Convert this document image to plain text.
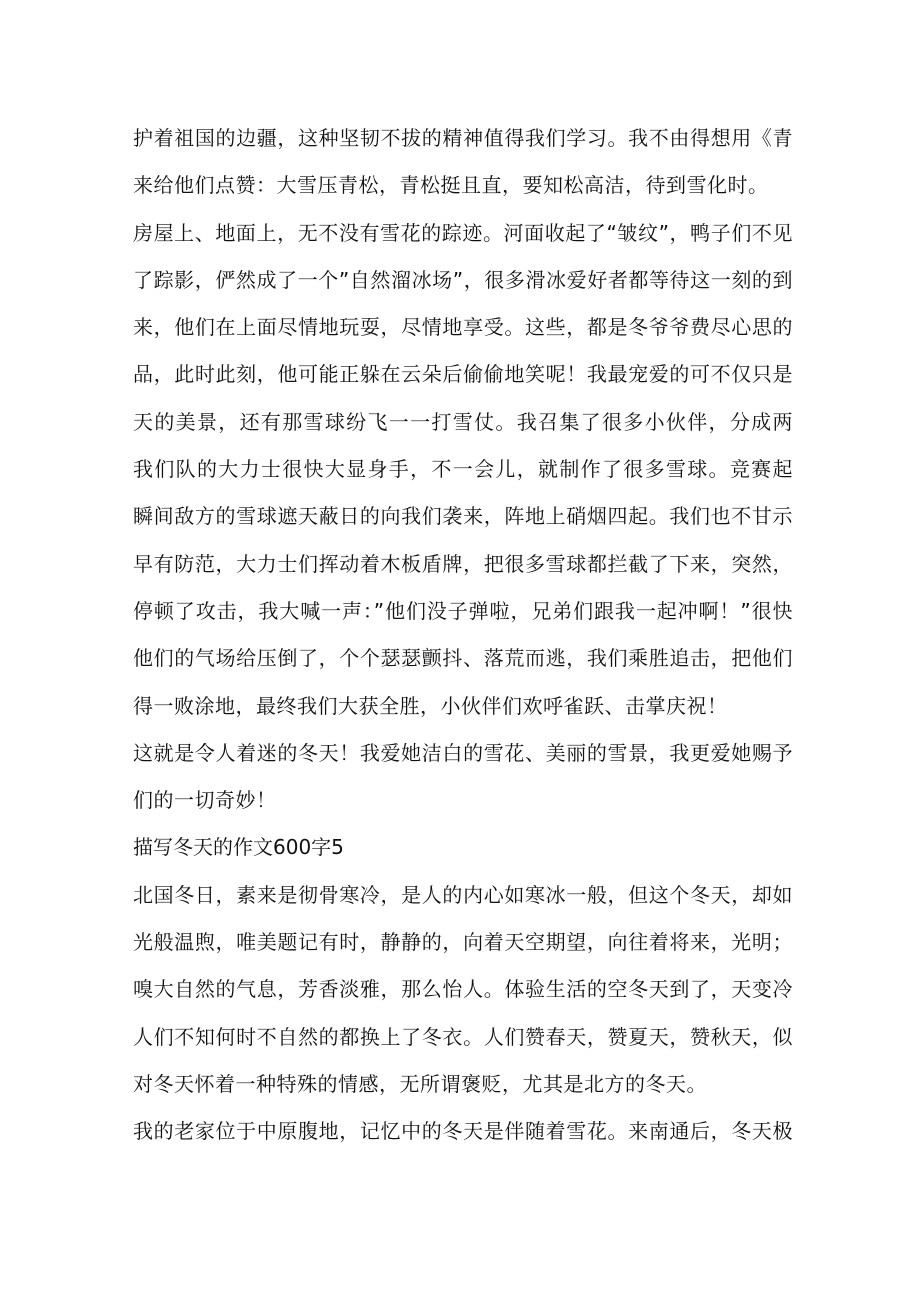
护着祖国的边疆，这种坚韧不拔的精神值得我们学习。我不由得想用《青
来给他们点赞：大雪压青松，青松挺且直，要知松高洁，待到雪化时。
房屋上、地面上，无不没有雪花的踪迹。河面收起了“皱纹”，鸭子们不见
了踪影，俨然成了一个”自然溜冰场”，很多滑冰爱好者都等待这一刻的到
来，他们在上面尽情地玩耍，尽情地享受。这些，都是冬爷爷费尽心思的
品，此时此刻，他可能正躲在云朵后偷偷地笑呢！我最宠爱的可不仅只是
天的美景，还有那雪球纷飞一一打雪仗。我召集了很多小伙伴，分成两
我们队的大力士很快大显身手，不一会儿，就制作了很多雪球。竞赛起
瞬间敌方的雪球遮天蔽日的向我们袭来，阵地上硝烟四起。我们也不甘示
早有防范，大力士们挥动着木板盾牌，把很多雪球都拦截了下来，突然，
停顿了攻击，我大喊一声：”他们没子弹啦，兄弟们跟我一起冲啊！”很快
他们的气场给压倒了，个个瑟瑟颤抖、落荒而逃，我们乘胜追击，把他们
得一败涂地，最终我们大获全胜，小伙伴们欢呼雀跃、击掌庆祝！
这就是令人着迷的冬天！我爱她洁白的雪花、美丽的雪景，我更爱她赐予
们的一切奇妙！
描写冬天的作文600字5
北国冬日，素来是彻骨寒冷，是人的内心如寒冰一般，但这个冬天，却如
光般温煦，唯美题记有时，静静的，向着天空期望，向往着将来，光明；
嗅大自然的气息，芳香淡雅，那么怡人。体验生活的空冬天到了，天变冷
人们不知何时不自然的都换上了冬衣。人们赞春天，赞夏天，赞秋天，似
对冬天怀着一种特殊的情感，无所谓褒贬，尤其是北方的冬天。
我的老家位于中原腹地，记忆中的冬天是伴随着雪花。来南通后，冬天极
